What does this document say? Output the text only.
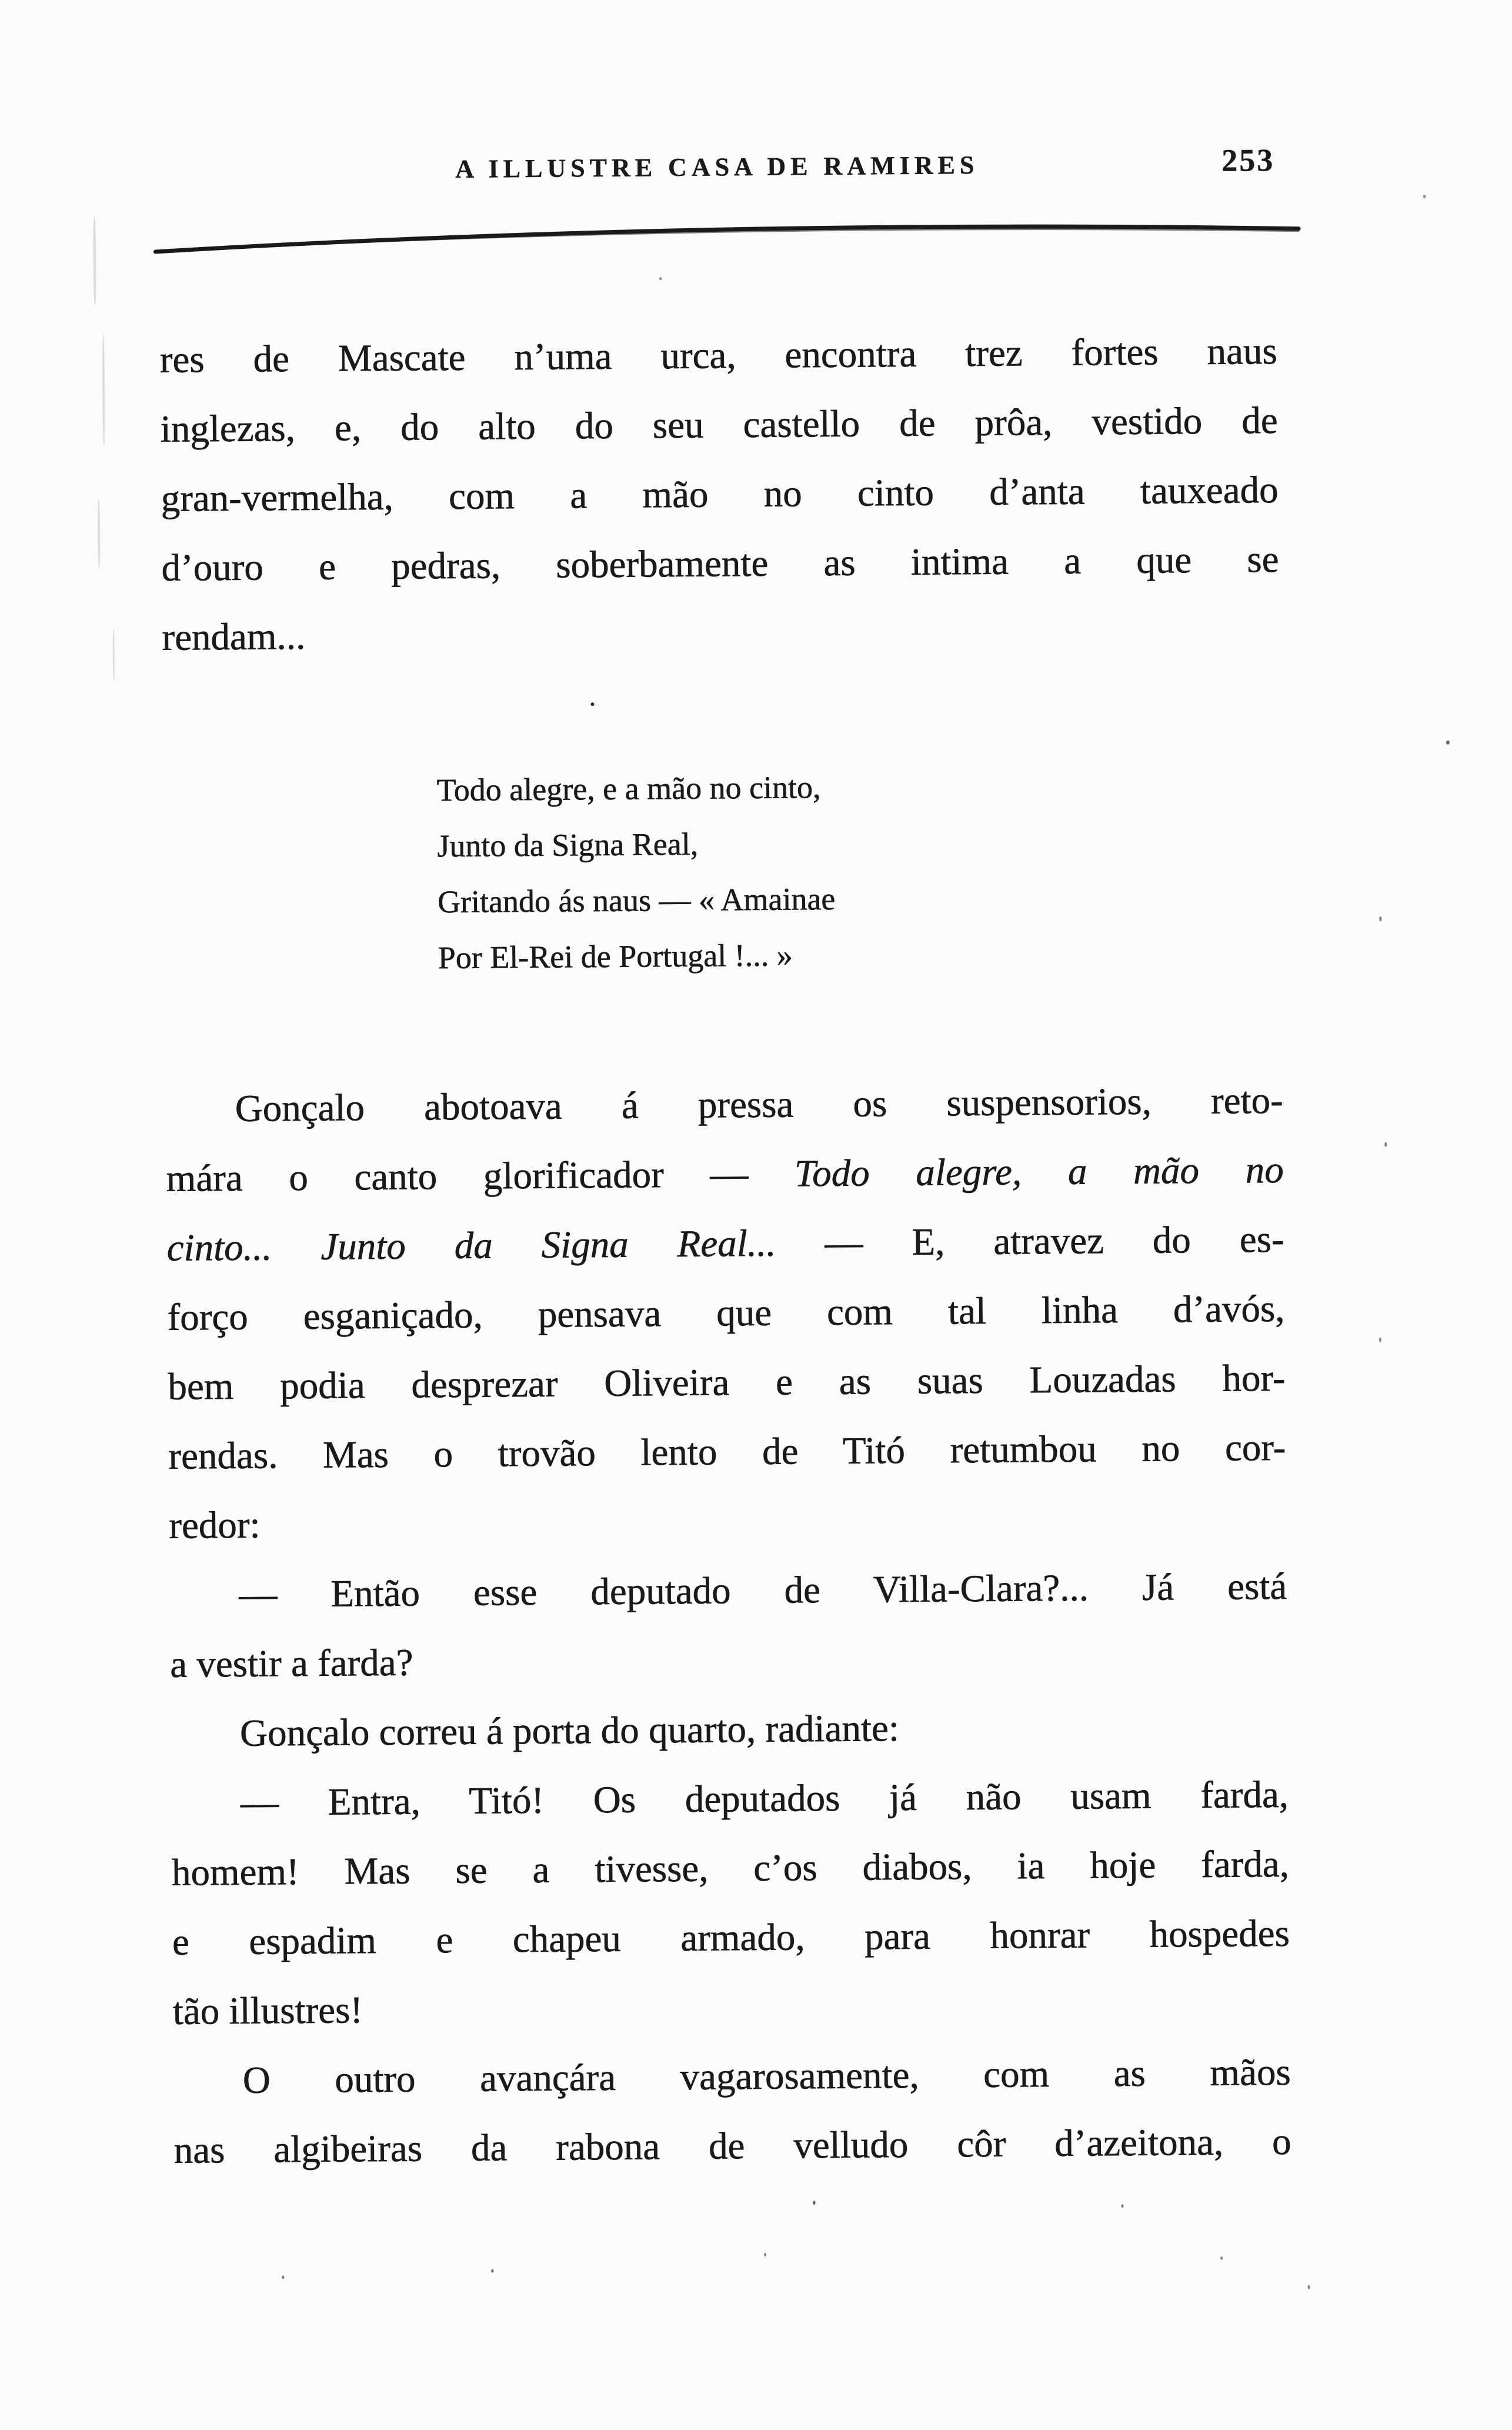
A ILLUSTRE CASA DE RAMIRES	253
res de Mascate n’uma urca, encontra trez fortes naus
inglezas, e, do alto do seu castello de prôa, vestido de
gran-vermelha, com a mão no cinto d’anta tauxeado
d’ouro e pedras, soberbamente as intima a que se
rendam...
Todo alegre, e a mão no cinto,
Junto da Signa Real,
Gritando ás naus — « Amainae
Por El-Rei de Portugal !... »
Gonçalo abotoava á pressa os suspensorios, reto-
mára o canto glorificador — Todo alegre, a mão no
cinto... Junto da Signa Real... — E, atravez do es-
forço esganiçado, pensava que com tal linha d’avós,
bem podia desprezar Oliveira e as suas Louzadas hor-
rendas. Mas o trovão lento de Titó retumbou no cor-
redor:
— Então esse deputado de Villa-Clara?... Já está
a vestir a farda?
Gonçalo correu á porta do quarto, radiante:
— Entra, Titó! Os deputados já não usam farda,
homem! Mas se a tivesse, c’os diabos, ia hoje farda,
e espadim e chapeu armado, para honrar hospedes
tão illustres!
O outro avançára vagarosamente, com as mãos
nas algibeiras da rabona de velludo côr d’azeitona, o
